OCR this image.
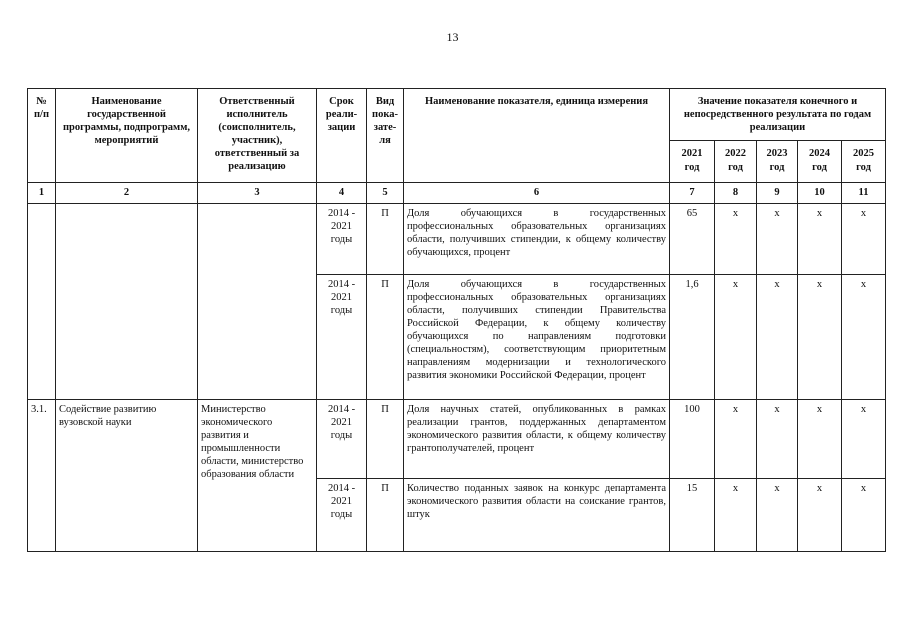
13
№ п/п	Наименование государственной программы, подпрограмм, мероприятий	Ответственный исполнитель (соисполнитель, участник), ответственный за реализацию	Срок реали-зации	Вид пока-зате-ля	Наименование показателя, единица измерения	Значение показателя конечного и непосредственного результата по годам реализации				
						2021 год	2022 год	2023 год	2024 год	2025 год
1	2	3	4	5	6	7	8	9	10	11
			2014 - 2021 годы	П	Доля обучающихся в государственных профессиональных образовательных организациях области, получивших стипендии, к общему количеству обучающихся, процент	65	x	x	x	x
			2014 - 2021 годы	П	Доля обучающихся в государственных профессиональных образовательных организациях области, получивших стипендии Правительства Российской Федерации, к общему количеству обучающихся по направлениям подготовки (специальностям), соответствующим приоритетным направлениям модернизации и технологического развития экономики Российской Федерации, процент	1,6	x	x	x	x
3.1.	Содействие развитию вузовской науки	Министерство экономического развития и промышленности области, министерство образования области	2014 - 2021 годы	П	Доля научных статей, опубликованных в рамках реализации грантов, поддержанных департаментом экономического развития области, к общему количеству грантополучателей, процент	100	x	x	x	x
			2014 - 2021 годы	П	Количество поданных заявок на конкурс департамента экономического развития области на соискание грантов, штук	15	x	x	x	x
